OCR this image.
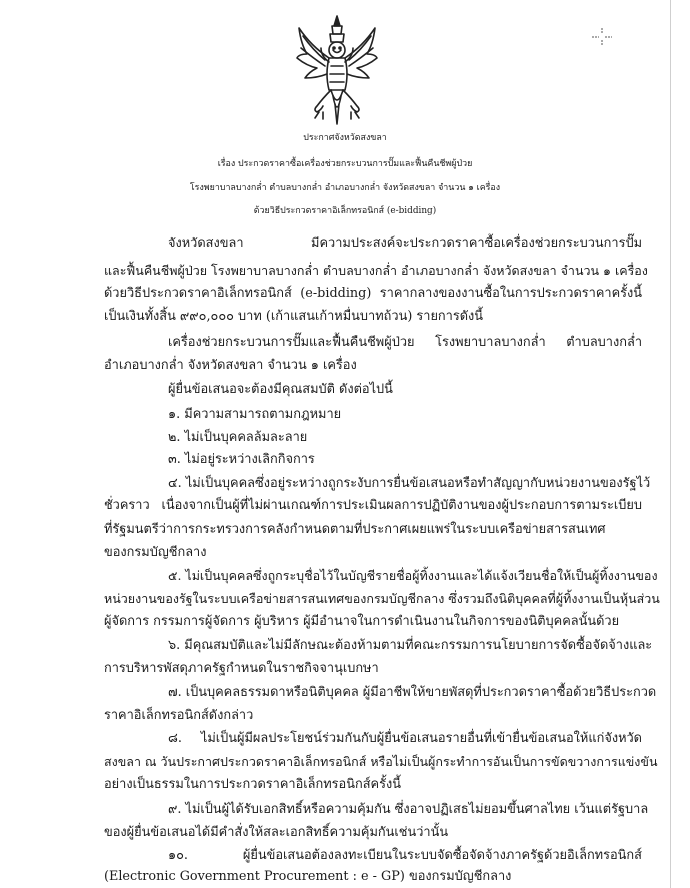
ประกาศจังหวัดสงขลา
เรื่อง ประกวดราคาซื้อเครื่องช่วยกระบวนการปั๊มและฟื้นคืนชีพผู้ป่วย
โรงพยาบาลบางกล่ำ ตำบลบางกล่ำ อำเภอบางกล่ำ จังหวัดสงขลา จำนวน ๑ เครื่อง
ด้วยวิธีประกวดราคาอิเล็กทรอนิกส์ (e-bidding)
จังหวัดสงขลา มีความประสงค์จะประกวดราคาซื้อเครื่องช่วยกระบวนการปั๊ม
และฟื้นคืนชีพผู้ป่วย โรงพยาบาลบางกล่ำ ตำบลบางกล่ำ อำเภอบางกล่ำ จังหวัดสงขลา จำนวน ๑ เครื่อง
ด้วยวิธีประกวดราคาอิเล็กทรอนิกส์ (e-bidding) ราคากลางของงานซื้อในการประกวดราคาครั้งนี้
เป็นเงินทั้งสิ้น ๙๙๐,๐๐๐ บาท (เก้าแสนเก้าหมื่นบาทถ้วน) รายการดังนี้
เครื่องช่วยกระบวนการปั๊มและฟื้นคืนชีพผู้ป่วย โรงพยาบาลบางกล่ำ ตำบลบางกล่ำ
อำเภอบางกล่ำ จังหวัดสงขลา จำนวน ๑ เครื่อง
ผู้ยื่นข้อเสนอจะต้องมีคุณสมบัติ ดังต่อไปนี้
๑. มีความสามารถตามกฎหมาย
๒. ไม่เป็นบุคคลล้มละลาย
๓. ไม่อยู่ระหว่างเลิกกิจการ
๔. ไม่เป็นบุคคลซึ่งอยู่ระหว่างถูกระงับการยื่นข้อเสนอหรือทำสัญญากับหน่วยงานของรัฐไว้
ชั่วคราว เนื่องจากเป็นผู้ที่ไม่ผ่านเกณฑ์การประเมินผลการปฏิบัติงานของผู้ประกอบการตามระเบียบ
ที่รัฐมนตรีว่าการกระทรวงการคลังกำหนดตามที่ประกาศเผยแพร่ในระบบเครือข่ายสารสนเทศ
ของกรมบัญชีกลาง
๕. ไม่เป็นบุคคลซึ่งถูกระบุชื่อไว้ในบัญชีรายชื่อผู้ทิ้งงานและได้แจ้งเวียนชื่อให้เป็นผู้ทิ้งงานของ
หน่วยงานของรัฐในระบบเครือข่ายสารสนเทศของกรมบัญชีกลาง ซึ่งรวมถึงนิติบุคคลที่ผู้ทิ้งงานเป็นหุ้นส่วน
ผู้จัดการ กรรมการผู้จัดการ ผู้บริหาร ผู้มีอำนาจในการดำเนินงานในกิจการของนิติบุคคลนั้นด้วย
๖. มีคุณสมบัติและไม่มีลักษณะต้องห้ามตามที่คณะกรรมการนโยบายการจัดซื้อจัดจ้างและ
การบริหารพัสดุภาครัฐกำหนดในราชกิจจานุเบกษา
๗. เป็นบุคคลธรรมดาหรือนิติบุคคล ผู้มีอาชีพให้ขายพัสดุที่ประกวดราคาซื้อด้วยวิธีประกวด
ราคาอิเล็กทรอนิกส์ดังกล่าว
๘. ไม่เป็นผู้มีผลประโยชน์ร่วมกันกับผู้ยื่นข้อเสนอรายอื่นที่เข้ายื่นข้อเสนอให้แก่จังหวัด
สงขลา ณ วันประกาศประกวดราคาอิเล็กทรอนิกส์ หรือไม่เป็นผู้กระทำการอันเป็นการขัดขวางการแข่งขัน
อย่างเป็นธรรมในการประกวดราคาอิเล็กทรอนิกส์ครั้งนี้
๙. ไม่เป็นผู้ได้รับเอกสิทธิ์หรือความคุ้มกัน ซึ่งอาจปฏิเสธไม่ยอมขึ้นศาลไทย เว้นแต่รัฐบาล
ของผู้ยื่นข้อเสนอได้มีคำสั่งให้สละเอกสิทธิ์ความคุ้มกันเช่นว่านั้น
๑๐. ผู้ยื่นข้อเสนอต้องลงทะเบียนในระบบจัดซื้อจัดจ้างภาครัฐด้วยอิเล็กทรอนิกส์
(Electronic Government Procurement : e - GP) ของกรมบัญชีกลาง
